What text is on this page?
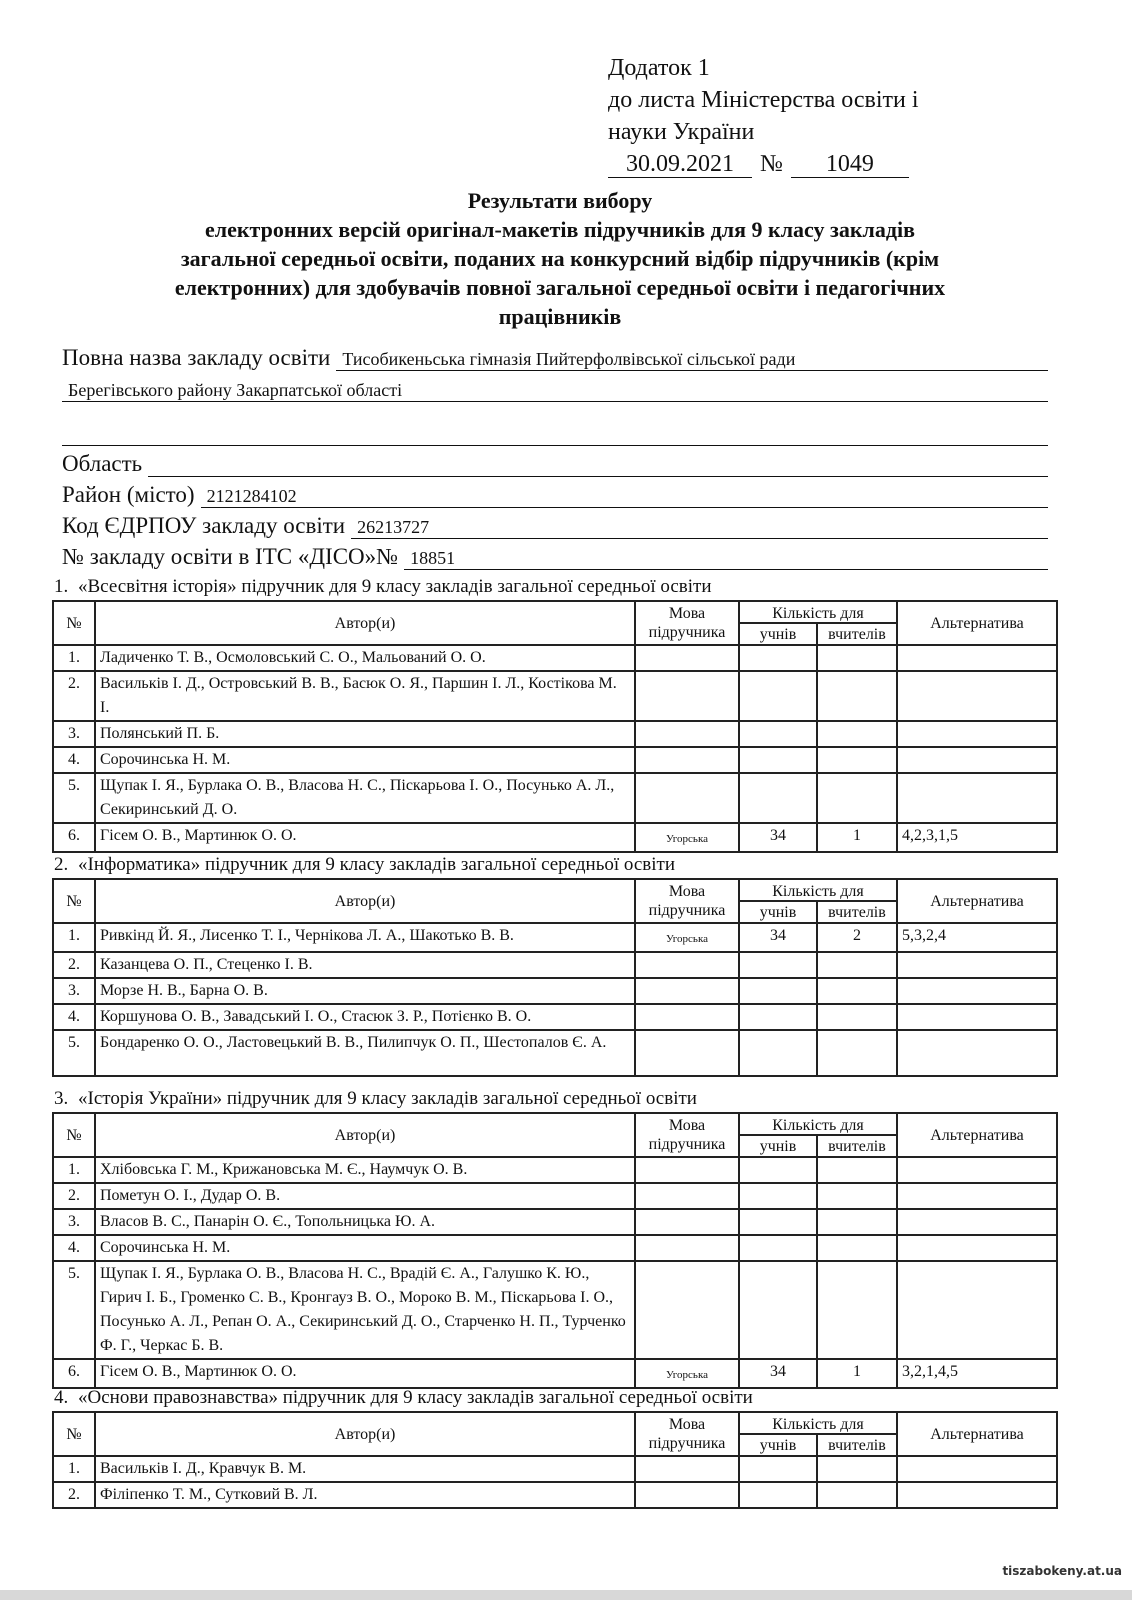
Додаток 1
до листа Міністерства освіти і
науки України
30.09.2021	№	1049
Результати вибору
електронних версій оригінал-макетів підручників для 9 класу закладів
загальної середньої освіти, поданих на конкурсний відбір підручників (крім
електронних) для здобувачів повної загальної середньої освіти і педагогічних
працівників
Повна назва закладу освіти Тисобикеньська гімназія Пийтерфолвівської сільської ради
Берегівського району Закарпатської області
Область
Район (місто) 2121284102
Код ЄДРПОУ закладу освіти 26213727
№ закладу освіти в ІТС «ДІСО»№ 18851
1. «Всесвітня історія» підручник для 9 класу закладів загальної середньої освіти
№	Автор(и)	Мова підручника	Кількість для		Альтернатива
			учнів	вчителів	
1.	Ладиченко Т. В., Осмоловський С. О., Мальований О. О.				
2.	Васильків І. Д., Островський В. В., Басюк О. Я., Паршин І. Л., Костікова М. І.				
3.	Полянський П. Б.				
4.	Сорочинська Н. М.				
5.	Щупак І. Я., Бурлака О. В., Власова Н. С., Піскарьова І. О., Посунько А. Л., Секиринський Д. О.				
6.	Гісем О. В., Мартинюк О. О.	Угорська	34	1	4,2,3,1,5
2. «Інформатика» підручник для 9 класу закладів загальної середньої освіти
№	Автор(и)	Мова підручника	Кількість для		Альтернатива
			учнів	вчителів	
1.	Ривкінд Й. Я., Лисенко Т. І., Чернікова Л. А., Шакотько В. В.	Угорська	34	2	5,3,2,4
2.	Казанцева О. П., Стеценко І. В.				
3.	Морзе Н. В., Барна О. В.				
4.	Коршунова О. В., Завадський І. О., Стасюк З. Р., Потієнко В. О.				
5.	Бондаренко О. О., Ластовецький В. В., Пилипчук О. П., Шестопалов Є. А.				
3. «Історія України» підручник для 9 класу закладів загальної середньої освіти
№	Автор(и)	Мова підручника	Кількість для		Альтернатива
			учнів	вчителів	
1.	Хлібовська Г. М., Крижановська М. Є., Наумчук О. В.				
2.	Пометун О. І., Дудар О. В.				
3.	Власов В. С., Панарін О. Є., Топольницька Ю. А.				
4.	Сорочинська Н. М.				
5.	Щупак І. Я., Бурлака О. В., Власова Н. С., Врадій Є. А., Галушко К. Ю., Гирич І. Б., Громенко С. В., Кронгауз В. О., Мороко В. М., Піскарьова І. О., Посунько А. Л., Репан О. А., Секиринський Д. О., Старченко Н. П., Турченко Ф. Г., Черкас Б. В.				
6.	Гісем О. В., Мартинюк О. О.	Угорська	34	1	3,2,1,4,5
4. «Основи правознавства» підручник для 9 класу закладів загальної середньої освіти
№	Автор(и)	Мова підручника	Кількість для		Альтернатива
			учнів	вчителів	
1.	Васильків І. Д., Кравчук В. М.				
2.	Філіпенко Т. М., Сутковий В. Л.				
tiszabokeny.at.ua
